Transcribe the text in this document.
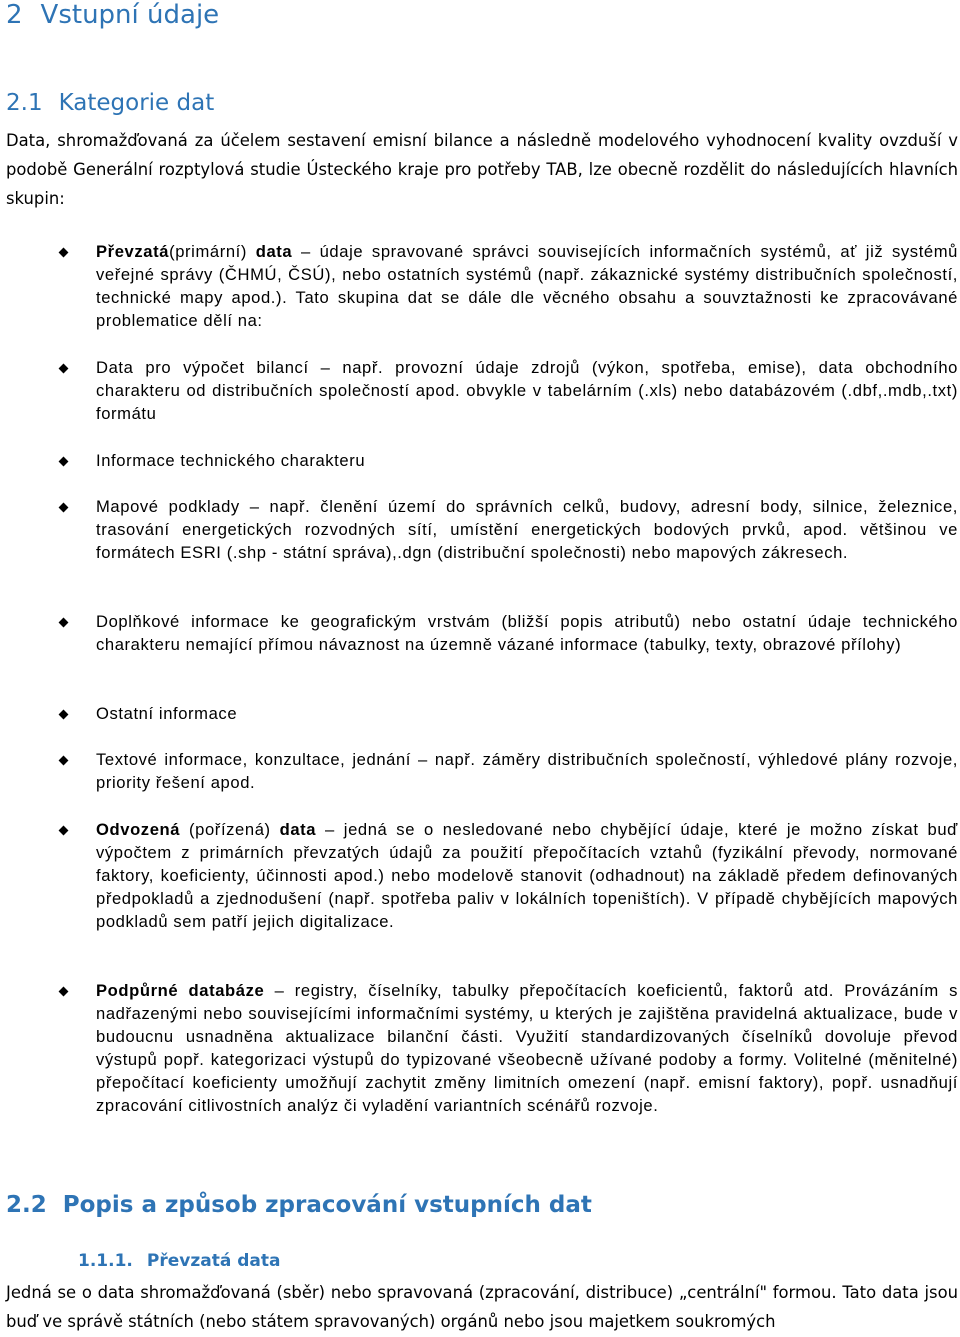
2 Vstupní údaje
2.1 Kategorie dat
Data, shromažďovaná za účelem sestavení emisní bilance a následně modelového vyhodnocení kvality ovzduší v podobě Generální rozptylová studie Ústeckého kraje pro potřeby TAB, lze obecně rozdělit do následujících hlavních skupin:
Převzatá(primární) data – údaje spravované správci souvisejících informačních systémů, ať již systémů veřejné správy (ČHMÚ, ČSÚ), nebo ostatních systémů (např. zákaznické systémy distribučních společností, technické mapy apod.). Tato skupina dat se dále dle věcného obsahu a souvztažnosti ke zpracovávané problematice dělí na:
Data pro výpočet bilancí – např. provozní údaje zdrojů (výkon, spotřeba, emise), data obchodního charakteru od distribučních společností apod. obvykle v tabelárním (.xls) nebo databázovém (.dbf,.mdb,.txt) formátu
Informace technického charakteru
Mapové podklady – např. členění území do správních celků, budovy, adresní body, silnice, železnice, trasování energetických rozvodných sítí, umístění energetických bodových prvků, apod. většinou ve formátech ESRI (.shp - státní správa),.dgn (distribuční společnosti) nebo mapových zákresech.
Doplňkové informace ke geografickým vrstvám (bližší popis atributů) nebo ostatní údaje technického charakteru nemající přímou návaznost na územně vázané informace (tabulky, texty, obrazové přílohy)
Ostatní informace
Textové informace, konzultace, jednání – např. záměry distribučních společností, výhledové plány rozvoje, priority řešení apod.
Odvozená (pořízená) data – jedná se o nesledované nebo chybějící údaje, které je možno získat buď výpočtem z primárních převzatých údajů za použití přepočítacích vztahů (fyzikální převody, normované faktory, koeficienty, účinnosti apod.) nebo modelově stanovit (odhadnout) na základě předem definovaných předpokladů a zjednodušení (např. spotřeba paliv v lokálních topeništích). V případě chybějících mapových podkladů sem patří jejich digitalizace.
Podpůrné databáze – registry, číselníky, tabulky přepočítacích koeficientů, faktorů atd. Provázáním s nadřazenými nebo souvisejícími informačními systémy, u kterých je zajištěna pravidelná aktualizace, bude v budoucnu usnadněna aktualizace bilanční části. Využití standardizovaných číselníků dovoluje převod výstupů popř. kategorizaci výstupů do typizované všeobecně užívané podoby a formy. Volitelné (měnitelné) přepočítací koeficienty umožňují zachytit změny limitních omezení (např. emisní faktory), popř. usnadňují zpracování citlivostních analýz či vyladění variantních scénářů rozvoje.
2.2 Popis a způsob zpracování vstupních dat
1.1.1. Převzatá data
Jedná se o data shromažďovaná (sběr) nebo spravovaná (zpracování, distribuce) „centrální" formou. Tato data jsou buď ve správě státních (nebo státem spravovaných) orgánů nebo jsou majetkem soukromých
